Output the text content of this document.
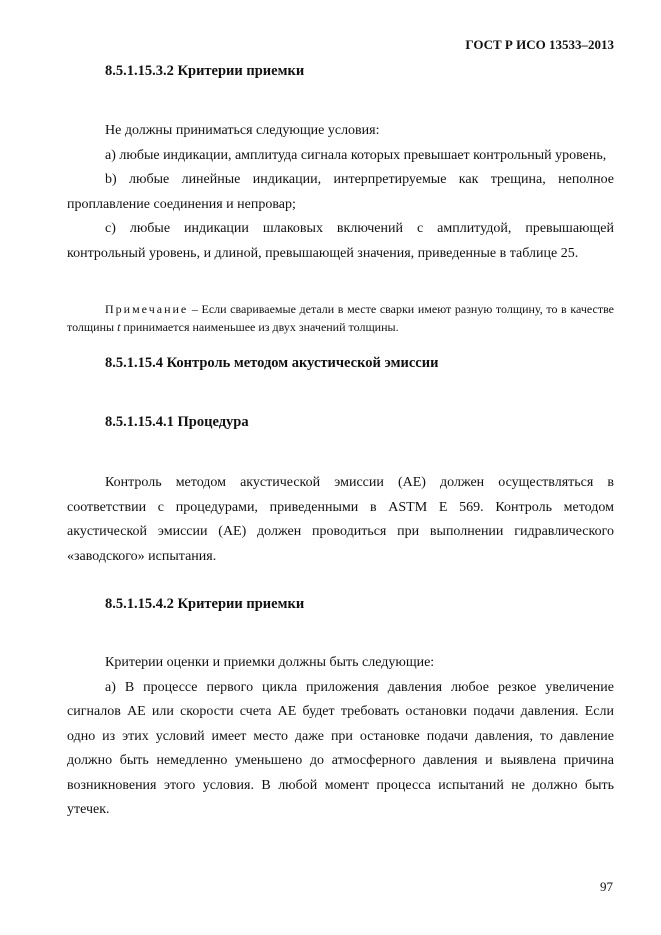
ГОСТ Р ИСО 13533–2013
8.5.1.15.3.2 Критерии приемки

Не должны приниматься следующие условия:

а) любые индикации, амплитуда сигнала которых превышает контрольный уровень,

b) любые линейные индикации, интерпретируемые как трещина, неполное проплавление соединения и непровар;

с) любые индикации шлаковых включений с амплитудой, превышающей контрольный уровень, и длиной, превышающей значения, приведенные в таблице 25.

Примечание – Если свариваемые детали в месте сварки имеют разную толщину, то в качестве толщины t принимается наименьшее из двух значений толщины.
8.5.1.15.4 Контроль методом акустической эмиссии
8.5.1.15.4.1 Процедура

Контроль методом акустической эмиссии (АЕ) должен осуществляться в соответствии с процедурами, приведенными в ASTM E 569. Контроль методом акустической эмиссии (АЕ) должен проводиться при выполнении гидравлического «заводского» испытания.

8.5.1.15.4.2 Критерии приемки

Критерии оценки и приемки должны быть следующие:

а) В процессе первого цикла приложения давления любое резкое увеличение сигналов АЕ или скорости счета АЕ будет требовать остановки подачи давления. Если одно из этих условий имеет место даже при остановке подачи давления, то давление должно быть немедленно уменьшено до атмосферного давления и выявлена причина возникновения этого условия. В любой момент процесса испытаний не должно быть утечек.

97
